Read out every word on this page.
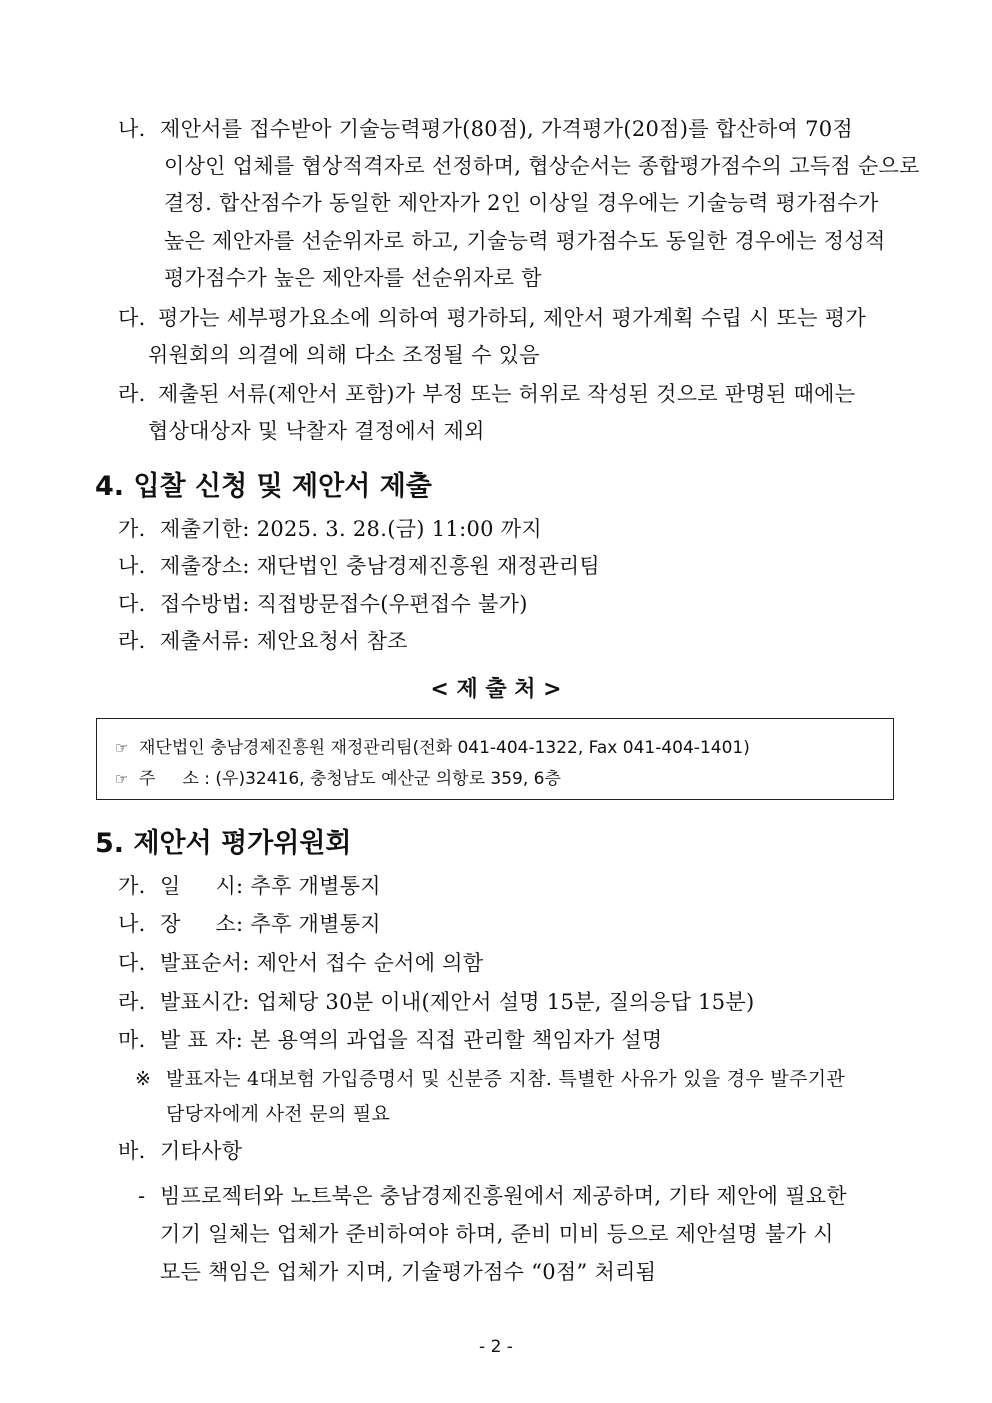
나. 제안서를 접수받아 기술능력평가(80점), 가격평가(20점)를 합산하여 70점
이상인 업체를 협상적격자로 선정하며, 협상순서는 종합평가점수의 고득점 순으로
결정. 합산점수가 동일한 제안자가 2인 이상일 경우에는 기술능력 평가점수가
높은 제안자를 선순위자로 하고, 기술능력 평가점수도 동일한 경우에는 정성적
평가점수가 높은 제안자를 선순위자로 함
다. 평가는 세부평가요소에 의하여 평가하되, 제안서 평가계획 수립 시 또는 평가
위원회의 의결에 의해 다소 조정될 수 있음
라. 제출된 서류(제안서 포함)가 부정 또는 허위로 작성된 것으로 판명된 때에는
협상대상자 및 낙찰자 결정에서 제외
4. 입찰 신청 및 제안서 제출
가. 제출기한: 2025. 3. 28.(금) 11:00 까지
나. 제출장소: 재단법인 충남경제진흥원 재정관리팀
다. 접수방법: 직접방문접수(우편접수 불가)
라. 제출서류: 제안요청서 참조
< 제 출 처 >
☞ 재단법인 충남경제진흥원 재정관리팀(전화 041-404-1322, Fax 041-404-1401)
☞ 주     소 : (우)32416, 충청남도 예산군 의항로 359, 6층
5. 제안서 평가위원회
가. 일     시: 추후 개별통지
나. 장     소: 추후 개별통지
다. 발표순서: 제안서 접수 순서에 의함
라. 발표시간: 업체당 30분 이내(제안서 설명 15분, 질의응답 15분)
마. 발 표 자: 본 용역의 과업을 직접 관리할 책임자가 설명
※ 발표자는 4대보험 가입증명서 및 신분증 지참. 특별한 사유가 있을 경우 발주기관
담당자에게 사전 문의 필요
바. 기타사항
- 빔프로젝터와 노트북은 충남경제진흥원에서 제공하며, 기타 제안에 필요한
기기 일체는 업체가 준비하여야 하며, 준비 미비 등으로 제안설명 불가 시
모든 책임은 업체가 지며, 기술평가점수 “0점” 처리됨
- 2 -
